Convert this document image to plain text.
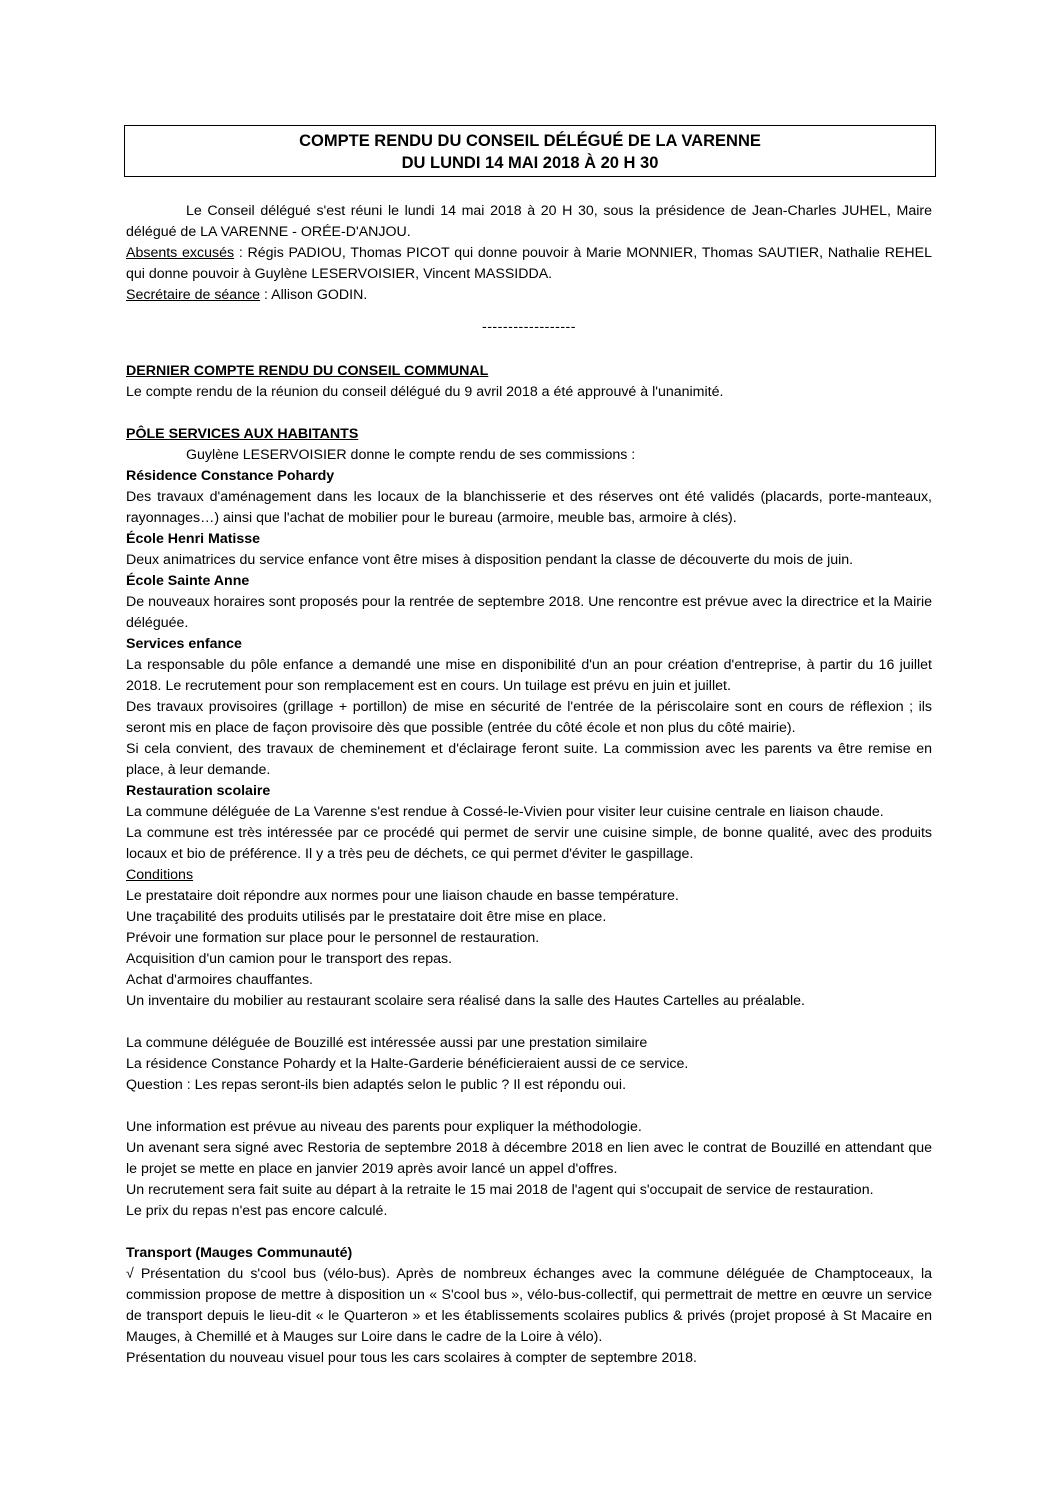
COMPTE RENDU DU CONSEIL DÉLÉGUÉ DE LA VARENNE
DU LUNDI 14 MAI 2018 À 20 H 30

Le Conseil délégué s'est réuni le lundi 14 mai 2018 à 20 H 30, sous la présidence de Jean-Charles JUHEL, Maire délégué de LA VARENNE - ORÉE-D'ANJOU.

Absents excusés : Régis PADIOU, Thomas PICOT qui donne pouvoir à Marie MONNIER, Thomas SAUTIER, Nathalie REHEL qui donne pouvoir à Guylène LESERVOISIER, Vincent MASSIDDA.

Secrétaire de séance : Allison GODIN.

------------------

DERNIER COMPTE RENDU DU CONSEIL COMMUNAL

Le compte rendu de la réunion du conseil délégué du 9 avril 2018 a été approuvé à l'unanimité.

PÔLE SERVICES AUX HABITANTS

Guylène LESERVOISIER donne le compte rendu de ses commissions :

Résidence Constance Pohardy

Des travaux d'aménagement dans les locaux de la blanchisserie et des réserves ont été validés (placards, porte-manteaux, rayonnages…) ainsi que l'achat de mobilier pour le bureau (armoire, meuble bas, armoire à clés).

École Henri Matisse

Deux animatrices du service enfance vont être mises à disposition pendant la classe de découverte du mois de juin.

École Sainte Anne

De nouveaux horaires sont proposés pour la rentrée de septembre 2018. Une rencontre est prévue avec la directrice et la Mairie déléguée.

Services enfance

La responsable du pôle enfance a demandé une mise en disponibilité d'un an pour création d'entreprise, à partir du 16 juillet 2018. Le recrutement pour son remplacement est en cours. Un tuilage est prévu en juin et juillet.

Des travaux provisoires (grillage + portillon) de mise en sécurité de l'entrée de la périscolaire sont en cours de réflexion ; ils seront mis en place de façon provisoire dès que possible (entrée du côté école et non plus du côté mairie).

Si cela convient, des travaux de cheminement et d'éclairage feront suite. La commission avec les parents va être remise en place, à leur demande.

Restauration scolaire

La commune déléguée de La Varenne s'est rendue à Cossé-le-Vivien pour visiter leur cuisine centrale en liaison chaude.

La commune est très intéressée par ce procédé qui permet de servir une cuisine simple, de bonne qualité, avec des produits locaux et bio de préférence. Il y a très peu de déchets, ce qui permet d'éviter le gaspillage.

Conditions

Le prestataire doit répondre aux normes pour une liaison chaude en basse température.

Une traçabilité des produits utilisés par le prestataire doit être mise en place.

Prévoir une formation sur place pour le personnel de restauration.

Acquisition d'un camion pour le transport des repas.

Achat d'armoires chauffantes.

Un inventaire du mobilier au restaurant scolaire sera réalisé dans la salle des Hautes Cartelles au préalable.

La commune déléguée de Bouzillé est intéressée aussi par une prestation similaire

La résidence Constance Pohardy et la Halte-Garderie bénéficieraient aussi de ce service.

Question : Les repas seront-ils bien adaptés selon le public ? Il est répondu oui.

Une information est prévue au niveau des parents pour expliquer la méthodologie.

Un avenant sera signé avec Restoria de septembre 2018 à décembre 2018 en lien avec le contrat de Bouzillé en attendant que le projet se mette en place en janvier 2019 après avoir lancé un appel d'offres.

Un recrutement sera fait suite au départ à la retraite le 15 mai 2018 de l'agent qui s'occupait de service de restauration.

Le prix du repas n'est pas encore calculé.

Transport (Mauges Communauté)

√ Présentation du s'cool bus (vélo-bus). Après de nombreux échanges avec la commune déléguée de Champtoceaux, la commission propose de mettre à disposition un « S'cool bus », vélo-bus-collectif, qui permettrait de mettre en œuvre un service de transport depuis le lieu-dit « le Quarteron » et les établissements scolaires publics & privés (projet proposé à St Macaire en Mauges, à Chemillé et à Mauges sur Loire dans le cadre de la Loire à vélo).

Présentation du nouveau visuel pour tous les cars scolaires à compter de septembre 2018.
